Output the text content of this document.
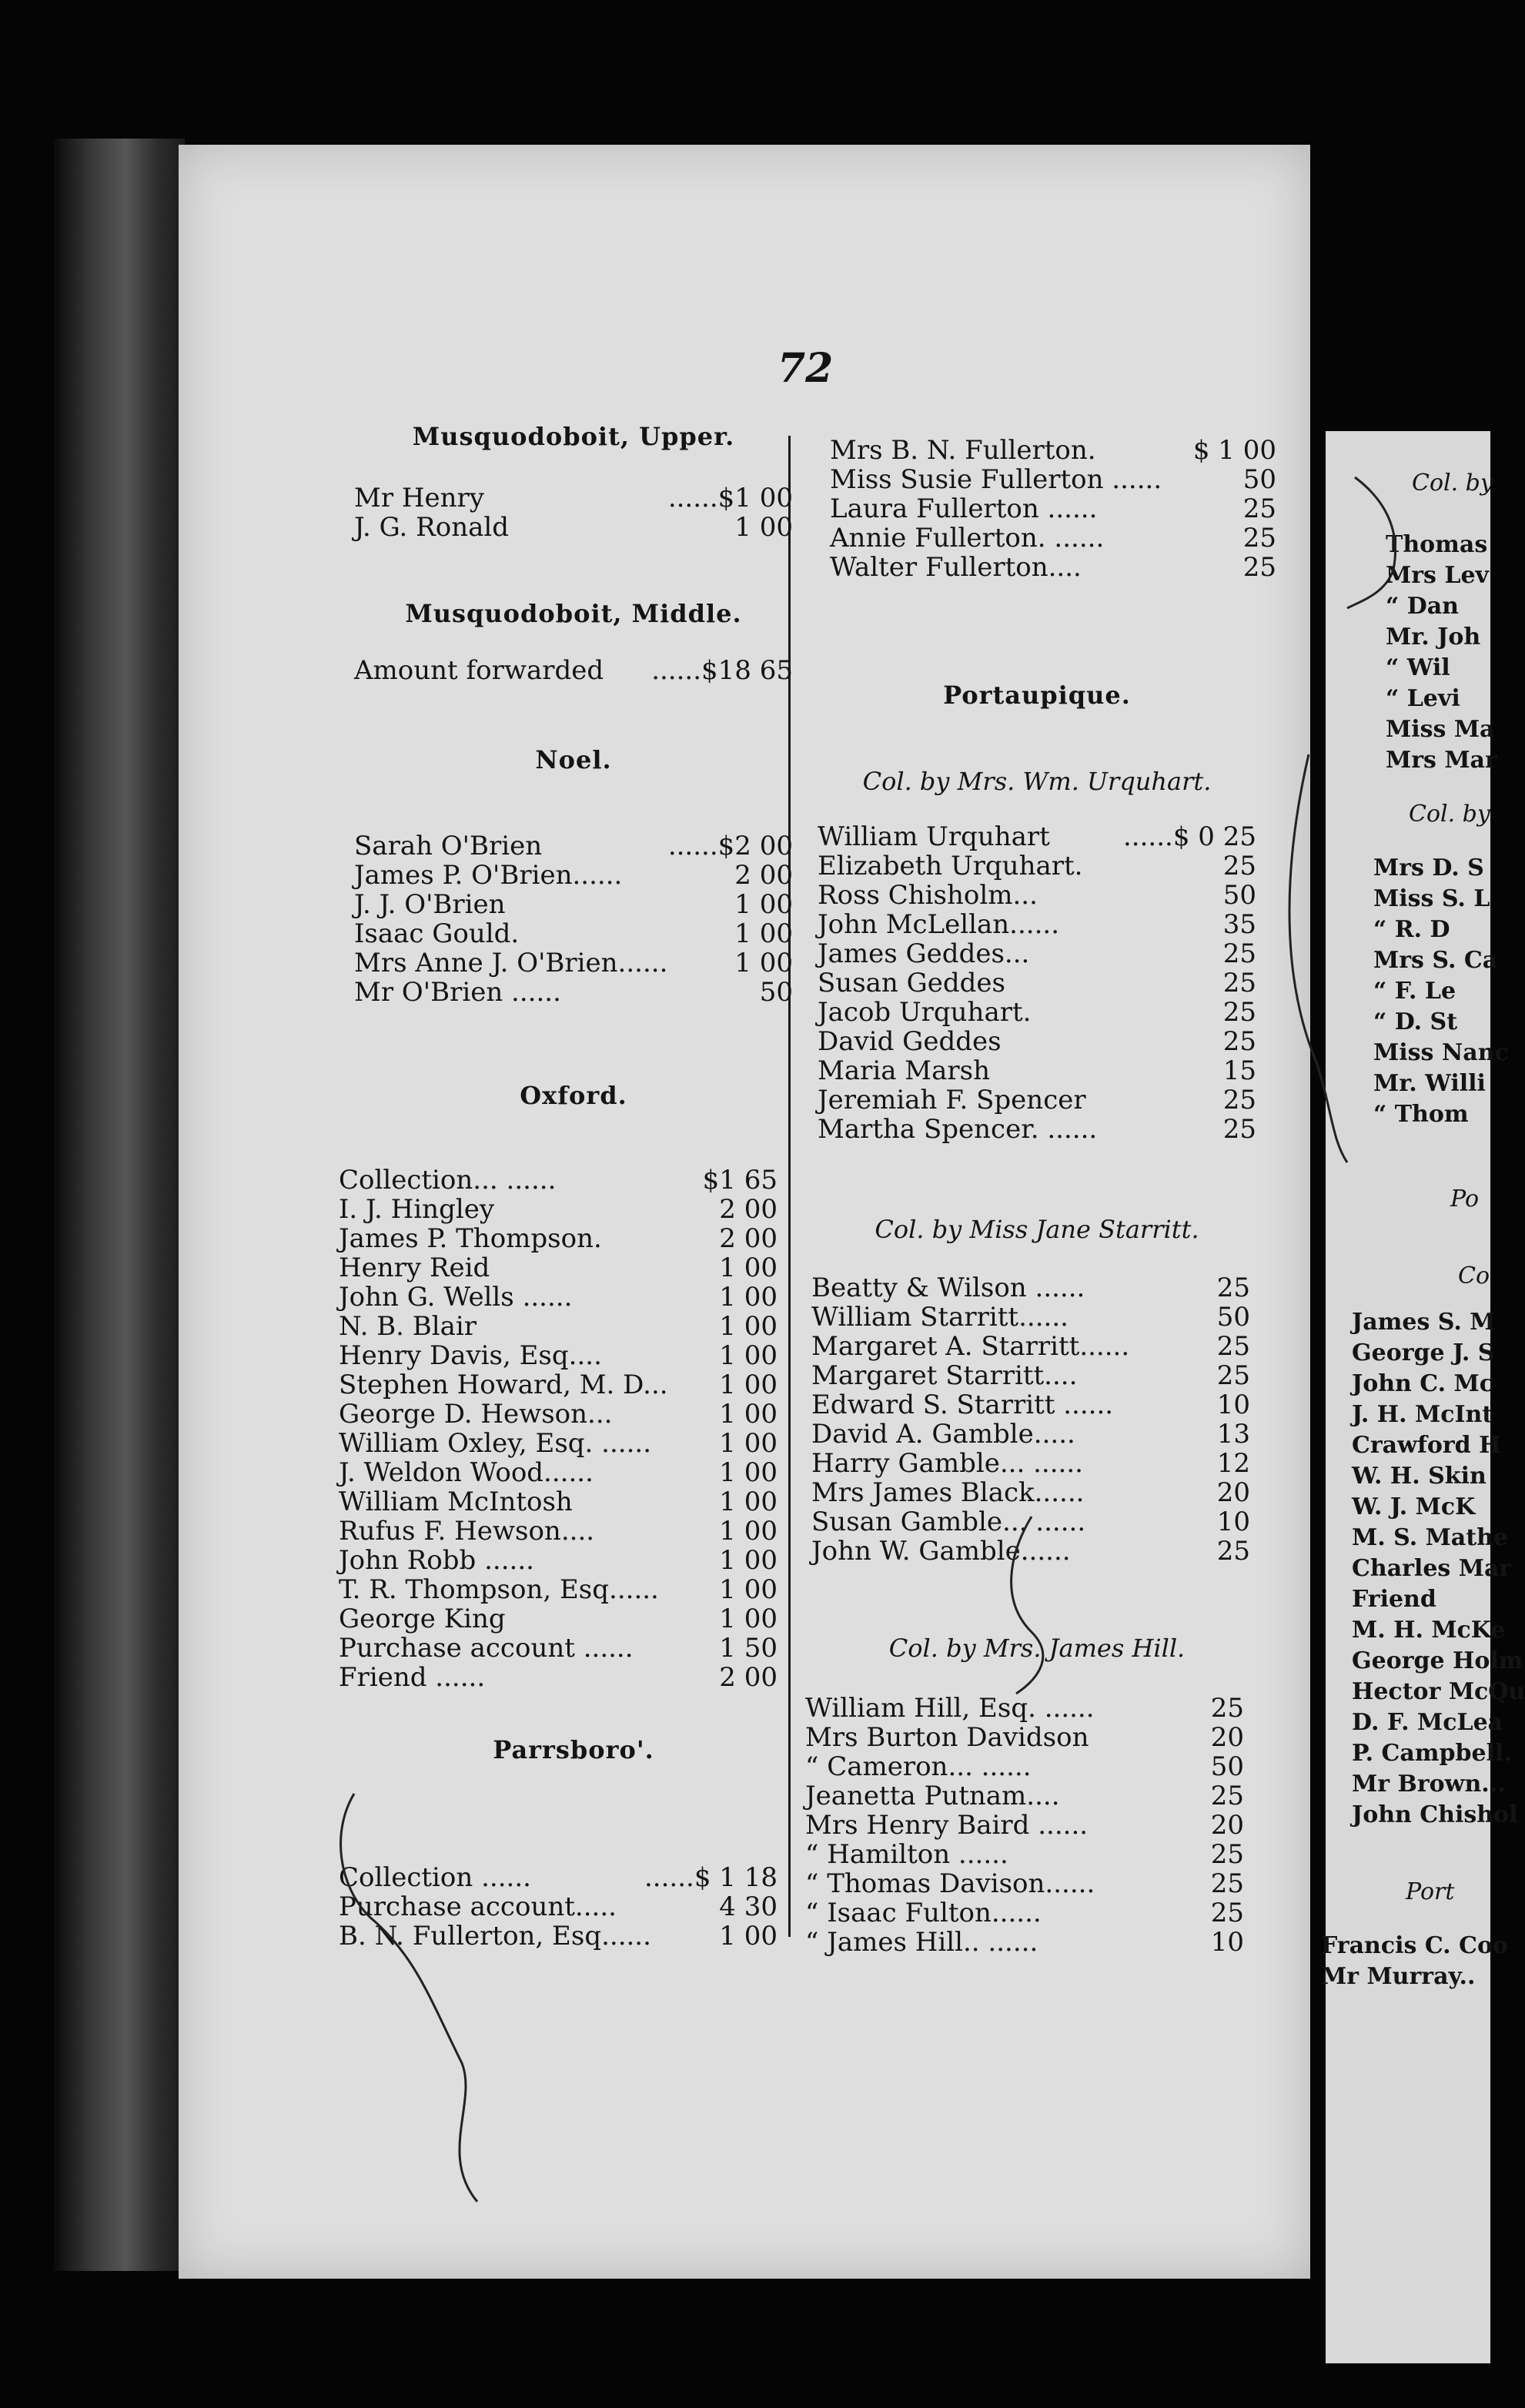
72
Musquodoboit, Upper.
Mr Henry	......$1 00
J. G. Ronald	1 00
Musquodoboit, Middle.
Amount forwarded ......$18 65
Noel.
Sarah O'Brien	......$2 00
James P. O'Brien......	2 00
J. J. O'Brien	1 00
Isaac Gould.	1 00
Mrs Anne J. O'Brien......	1 00
Mr O'Brien ......	50
Oxford.
Collection... ......	$1 65
I. J. Hingley	2 00
James P. Thompson.	2 00
Henry Reid	1 00
John G. Wells ......	1 00
N. B. Blair	1 00
Henry Davis, Esq....	1 00
Stephen Howard, M. D... 1 00
George D. Hewson...	1 00
William Oxley, Esq. ......	1 00
J. Weldon Wood......	1 00
William McIntosh	1 00
Rufus F. Hewson....	1 00
John Robb ......	1 00
T. R. Thompson, Esq...... 1 00
George King	1 00
Purchase account ......	1 50
Friend ......	2 00
Parrsboro'.
Collection ......	......$ 1 18
Purchase account.....	4 30
B. N. Fullerton, Esq......	1 00
Mrs B. N. Fullerton.	$ 1 00
Miss Susie Fullerton ......	50
Laura Fullerton ......	25
Annie Fullerton. ......	25
Walter Fullerton....	25
Portaupique.
Col. by Mrs. Wm. Urquhart.
William Urquhart	......$ 0 25
Elizabeth Urquhart.	25
Ross Chisholm...	50
John McLellan......	35
James Geddes...	25
Susan Geddes	25
Jacob Urquhart.	25
David Geddes	25
Maria Marsh	15
Jeremiah F. Spencer	25
Martha Spencer. ......	25
Col. by Miss Jane Starritt.
Beatty & Wilson ......	25
William Starritt......	50
Margaret A. Starritt......	25
Margaret Starritt....	25
Edward S. Starritt ......	10
David A. Gamble.....	13
Harry Gamble... ......	12
Mrs James Black......	20
Susan Gamble... ......	10
John W. Gamble......	25
Col. by Mrs. James Hill.
William Hill, Esq. ......	25
Mrs Burton Davidson	20
“ Cameron... ......	50
Jeanetta Putnam....	25
Mrs Henry Baird ......	20
“ Hamilton ......	25
“ Thomas Davison......	25
“ Isaac Fulton......	25
“ James Hill.. ......	10
Col. by
Thomas
Mrs Lev
“ Dan
Mr. Joh
“ Wil
“ Levi
Miss Ma
Mrs Mar
Col. by
Mrs D. S
Miss S. L
“ R. D
Mrs S. Ca
“ F. Le
“ D. St
Miss Nanc
Mr. Willi
“ Thom
Po
Co
James S. M
George J. S
John C. Mc
J. H. McInt
Crawford H
W. H. Skin
W. J. McK
M. S. Mathe
Charles Mar
Friend
M. H. McKe
George Holm
Hector McQu
D. F. McLea
P. Campbell.
Mr Brown...
John Chishol
Port
Francis C. Coo
Mr Murray..
